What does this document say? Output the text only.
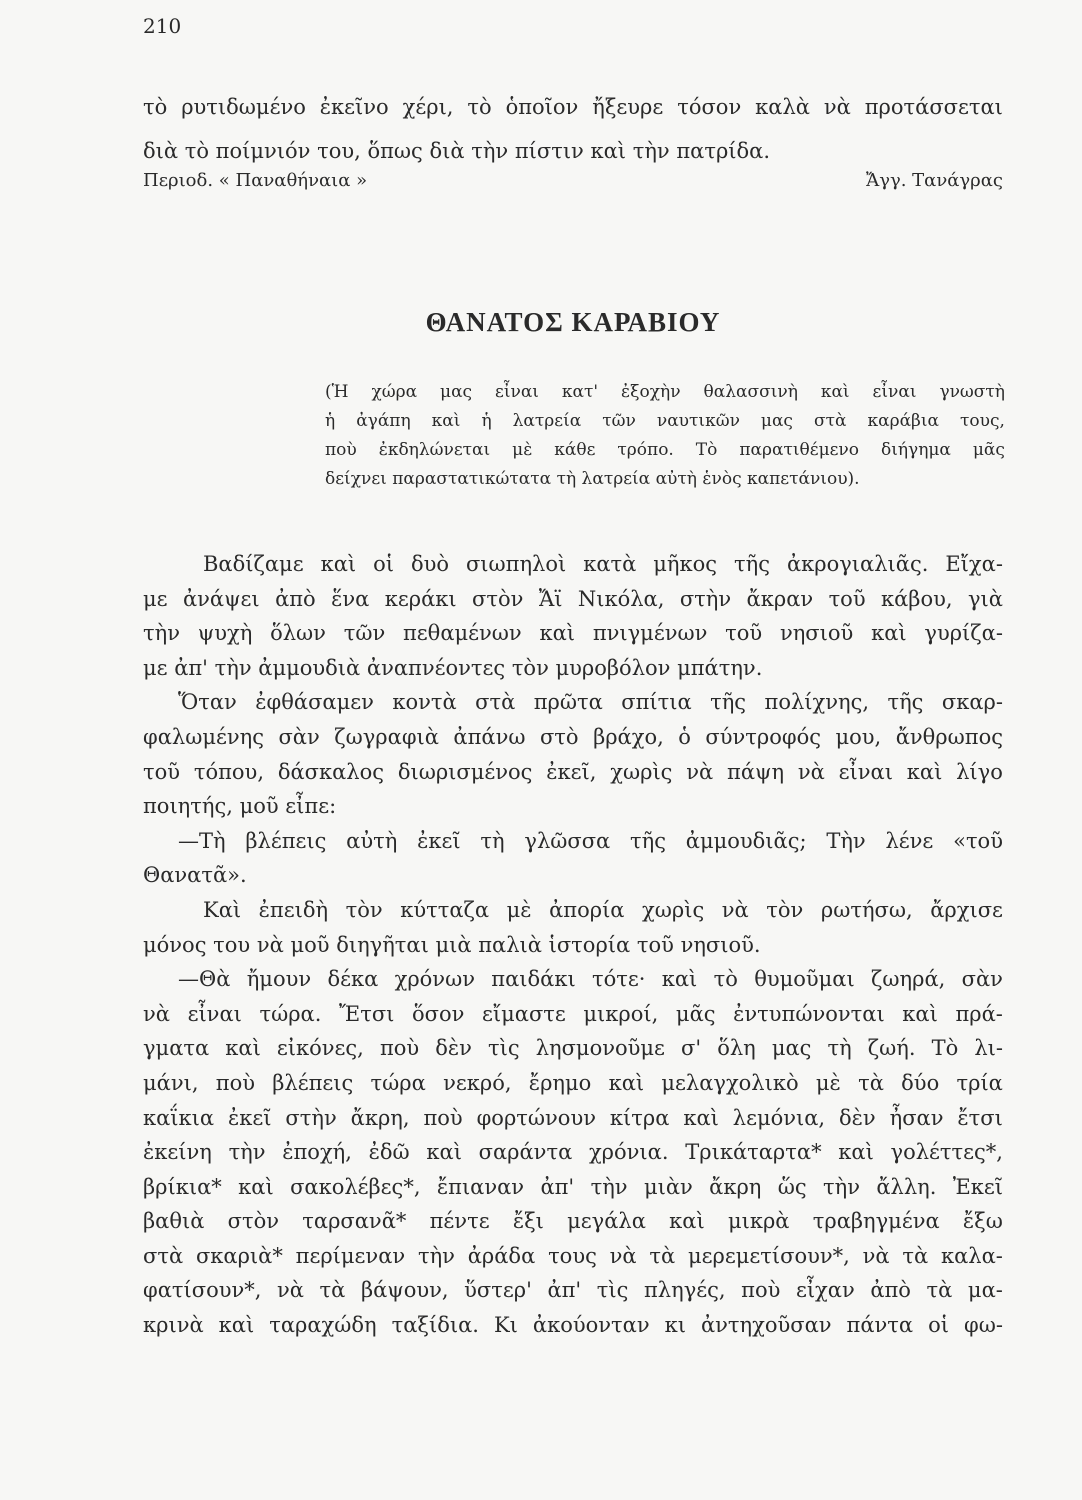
210
τὸ ρυτιδωμένο ἐκεῖνο χέρι, τὸ ὁποῖον ἤξευρε τόσον καλὰ νὰ προτάσσεται
διὰ τὸ ποίμνιόν του, ὅπως διὰ τὴν πίστιν καὶ τὴν πατρίδα.
Περιοδ. « Παναθήναια »	Ἄγγ. Τανάγρας
ΘΑΝΑΤΟΣ ΚΑΡΑΒΙΟΥ
(Ἡ χώρα μας εἶναι κατ' ἐξοχὴν θαλασσινὴ καὶ εἶναι γνωστὴ
ἡ ἀγάπη καὶ ἡ λατρεία τῶν ναυτικῶν μας στὰ καράβια τους,
ποὺ ἐκδηλώνεται μὲ κάθε τρόπο. Τὸ παρατιθέμενο διήγημα μᾶς
δείχνει παραστατικώτατα τὴ λατρεία αὐτὴ ἑνὸς καπετάνιου).
Βαδίζαμε καὶ οἱ δυὸ σιωπηλοὶ κατὰ μῆκος τῆς ἀκρογιαλιᾶς. Εἴχα-
με ἀνάψει ἀπὸ ἕνα κεράκι στὸν Ἄϊ Νικόλα, στὴν ἄκραν τοῦ κάβου, γιὰ
τὴν ψυχὴ ὅλων τῶν πεθαμένων καὶ πνιγμένων τοῦ νησιοῦ καὶ γυρίζα-
με ἀπ' τὴν ἀμμουδιὰ ἀναπνέοντες τὸν μυροβόλον μπάτην.
Ὅταν ἐφθάσαμεν κοντὰ στὰ πρῶτα σπίτια τῆς πολίχνης, τῆς σκαρ-
φαλωμένης σὰν ζωγραφιὰ ἀπάνω στὸ βράχο, ὁ σύντροφός μου, ἄνθρωπος
τοῦ τόπου, δάσκαλος διωρισμένος ἐκεῖ, χωρὶς νὰ πάψη νὰ εἶναι καὶ λίγο
ποιητής, μοῦ εἶπε:
—Τὴ βλέπεις αὐτὴ ἐκεῖ τὴ γλῶσσα τῆς ἀμμουδιᾶς; Τὴν λένε «τοῦ
Θανατᾶ».
Καὶ ἐπειδὴ τὸν κύτταζα μὲ ἀπορία χωρὶς νὰ τὸν ρωτήσω, ἄρχισε
μόνος του νὰ μοῦ διηγῆται μιὰ παλιὰ ἱστορία τοῦ νησιοῦ.
—Θὰ ἤμουν δέκα χρόνων παιδάκι τότε· καὶ τὸ θυμοῦμαι ζωηρά, σὰν
νὰ εἶναι τώρα. Ἔτσι ὅσον εἴμαστε μικροί, μᾶς ἐντυπώνονται καὶ πρά-
γματα καὶ εἰκόνες, ποὺ δὲν τὶς λησμονοῦμε σ' ὅλη μας τὴ ζωή. Τὸ λι-
μάνι, ποὺ βλέπεις τώρα νεκρό, ἔρημο καὶ μελαγχολικὸ μὲ τὰ δύο τρία
καΐκια ἐκεῖ στὴν ἄκρη, ποὺ φορτώνουν κίτρα καὶ λεμόνια, δὲν ἦσαν ἔτσι
ἐκείνη τὴν ἐποχή, ἐδῶ καὶ σαράντα χρόνια. Τρικάταρτα* καὶ γολέττες*,
βρίκια* καὶ σακολέβες*, ἔπιαναν ἀπ' τὴν μιὰν ἄκρη ὥς τὴν ἄλλη. Ἐκεῖ
βαθιὰ στὸν ταρσανᾶ* πέντε ἔξι μεγάλα καὶ μικρὰ τραβηγμένα ἔξω
στὰ σκαριὰ* περίμεναν τὴν ἀράδα τους νὰ τὰ μερεμετίσουν*, νὰ τὰ καλα-
φατίσουν*, νὰ τὰ βάψουν, ὕστερ' ἀπ' τὶς πληγές, ποὺ εἶχαν ἀπὸ τὰ μα-
κρινὰ καὶ ταραχώδη ταξίδια. Κι ἀκούονταν κι ἀντηχοῦσαν πάντα οἱ φω-
